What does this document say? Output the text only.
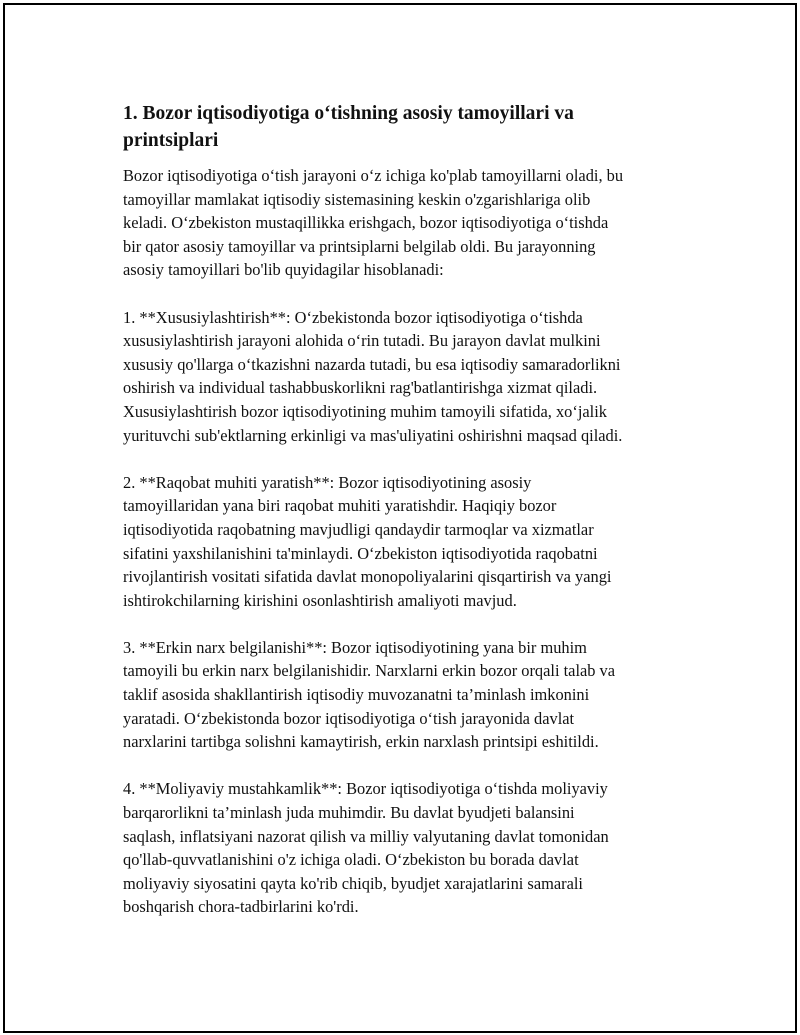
1. Bozor iqtisodiyotiga o‘tishning asosiy tamoyillari va
printsiplari

Bozor iqtisodiyotiga o‘tish jarayoni o‘z ichiga ko'plab tamoyillarni oladi, bu
tamoyillar mamlakat iqtisodiy sistemasining keskin o'zgarishlariga olib
keladi. O‘zbekiston mustaqillikka erishgach, bozor iqtisodiyotiga o‘tishda
bir qator asosiy tamoyillar va printsiplarni belgilab oldi. Bu jarayonning
asosiy tamoyillari bo'lib quyidagilar hisoblanadi:

1. **Xususiylashtirish**: O‘zbekistonda bozor iqtisodiyotiga o‘tishda
xususiylashtirish jarayoni alohida o‘rin tutadi. Bu jarayon davlat mulkini
xususiy qo'llarga o‘tkazishni nazarda tutadi, bu esa iqtisodiy samaradorlikni
oshirish va individual tashabbuskorlikni rag'batlantirishga xizmat qiladi.
Xususiylashtirish bozor iqtisodiyotining muhim tamoyili sifatida, xo‘jalik
yurituvchi sub'ektlarning erkinligi va mas'uliyatini oshirishni maqsad qiladi.

2. **Raqobat muhiti yaratish**: Bozor iqtisodiyotining asosiy
tamoyillaridan yana biri raqobat muhiti yaratishdir. Haqiqiy bozor
iqtisodiyotida raqobatning mavjudligi qandaydir tarmoqlar va xizmatlar
sifatini yaxshilanishini ta'minlaydi. O‘zbekiston iqtisodiyotida raqobatni
rivojlantirish vositati sifatida davlat monopoliyalarini qisqartirish va yangi
ishtirokchilarning kirishini osonlashtirish amaliyoti mavjud.

3. **Erkin narx belgilanishi**: Bozor iqtisodiyotining yana bir muhim
tamoyili bu erkin narx belgilanishidir. Narxlarni erkin bozor orqali talab va
taklif asosida shakllantirish iqtisodiy muvozanatni ta’minlash imkonini
yaratadi. O‘zbekistonda bozor iqtisodiyotiga o‘tish jarayonida davlat
narxlarini tartibga solishni kamaytirish, erkin narxlash printsipi eshitildi.

4. **Moliyaviy mustahkamlik**: Bozor iqtisodiyotiga o‘tishda moliyaviy
barqarorlikni ta’minlash juda muhimdir. Bu davlat byudjeti balansini
saqlash, inflatsiyani nazorat qilish va milliy valyutaning davlat tomonidan
qo'llab-quvvatlanishini o'z ichiga oladi. O‘zbekiston bu borada davlat
moliyaviy siyosatini qayta ko'rib chiqib, byudjet xarajatlarini samarali
boshqarish chora-tadbirlarini ko'rdi.
